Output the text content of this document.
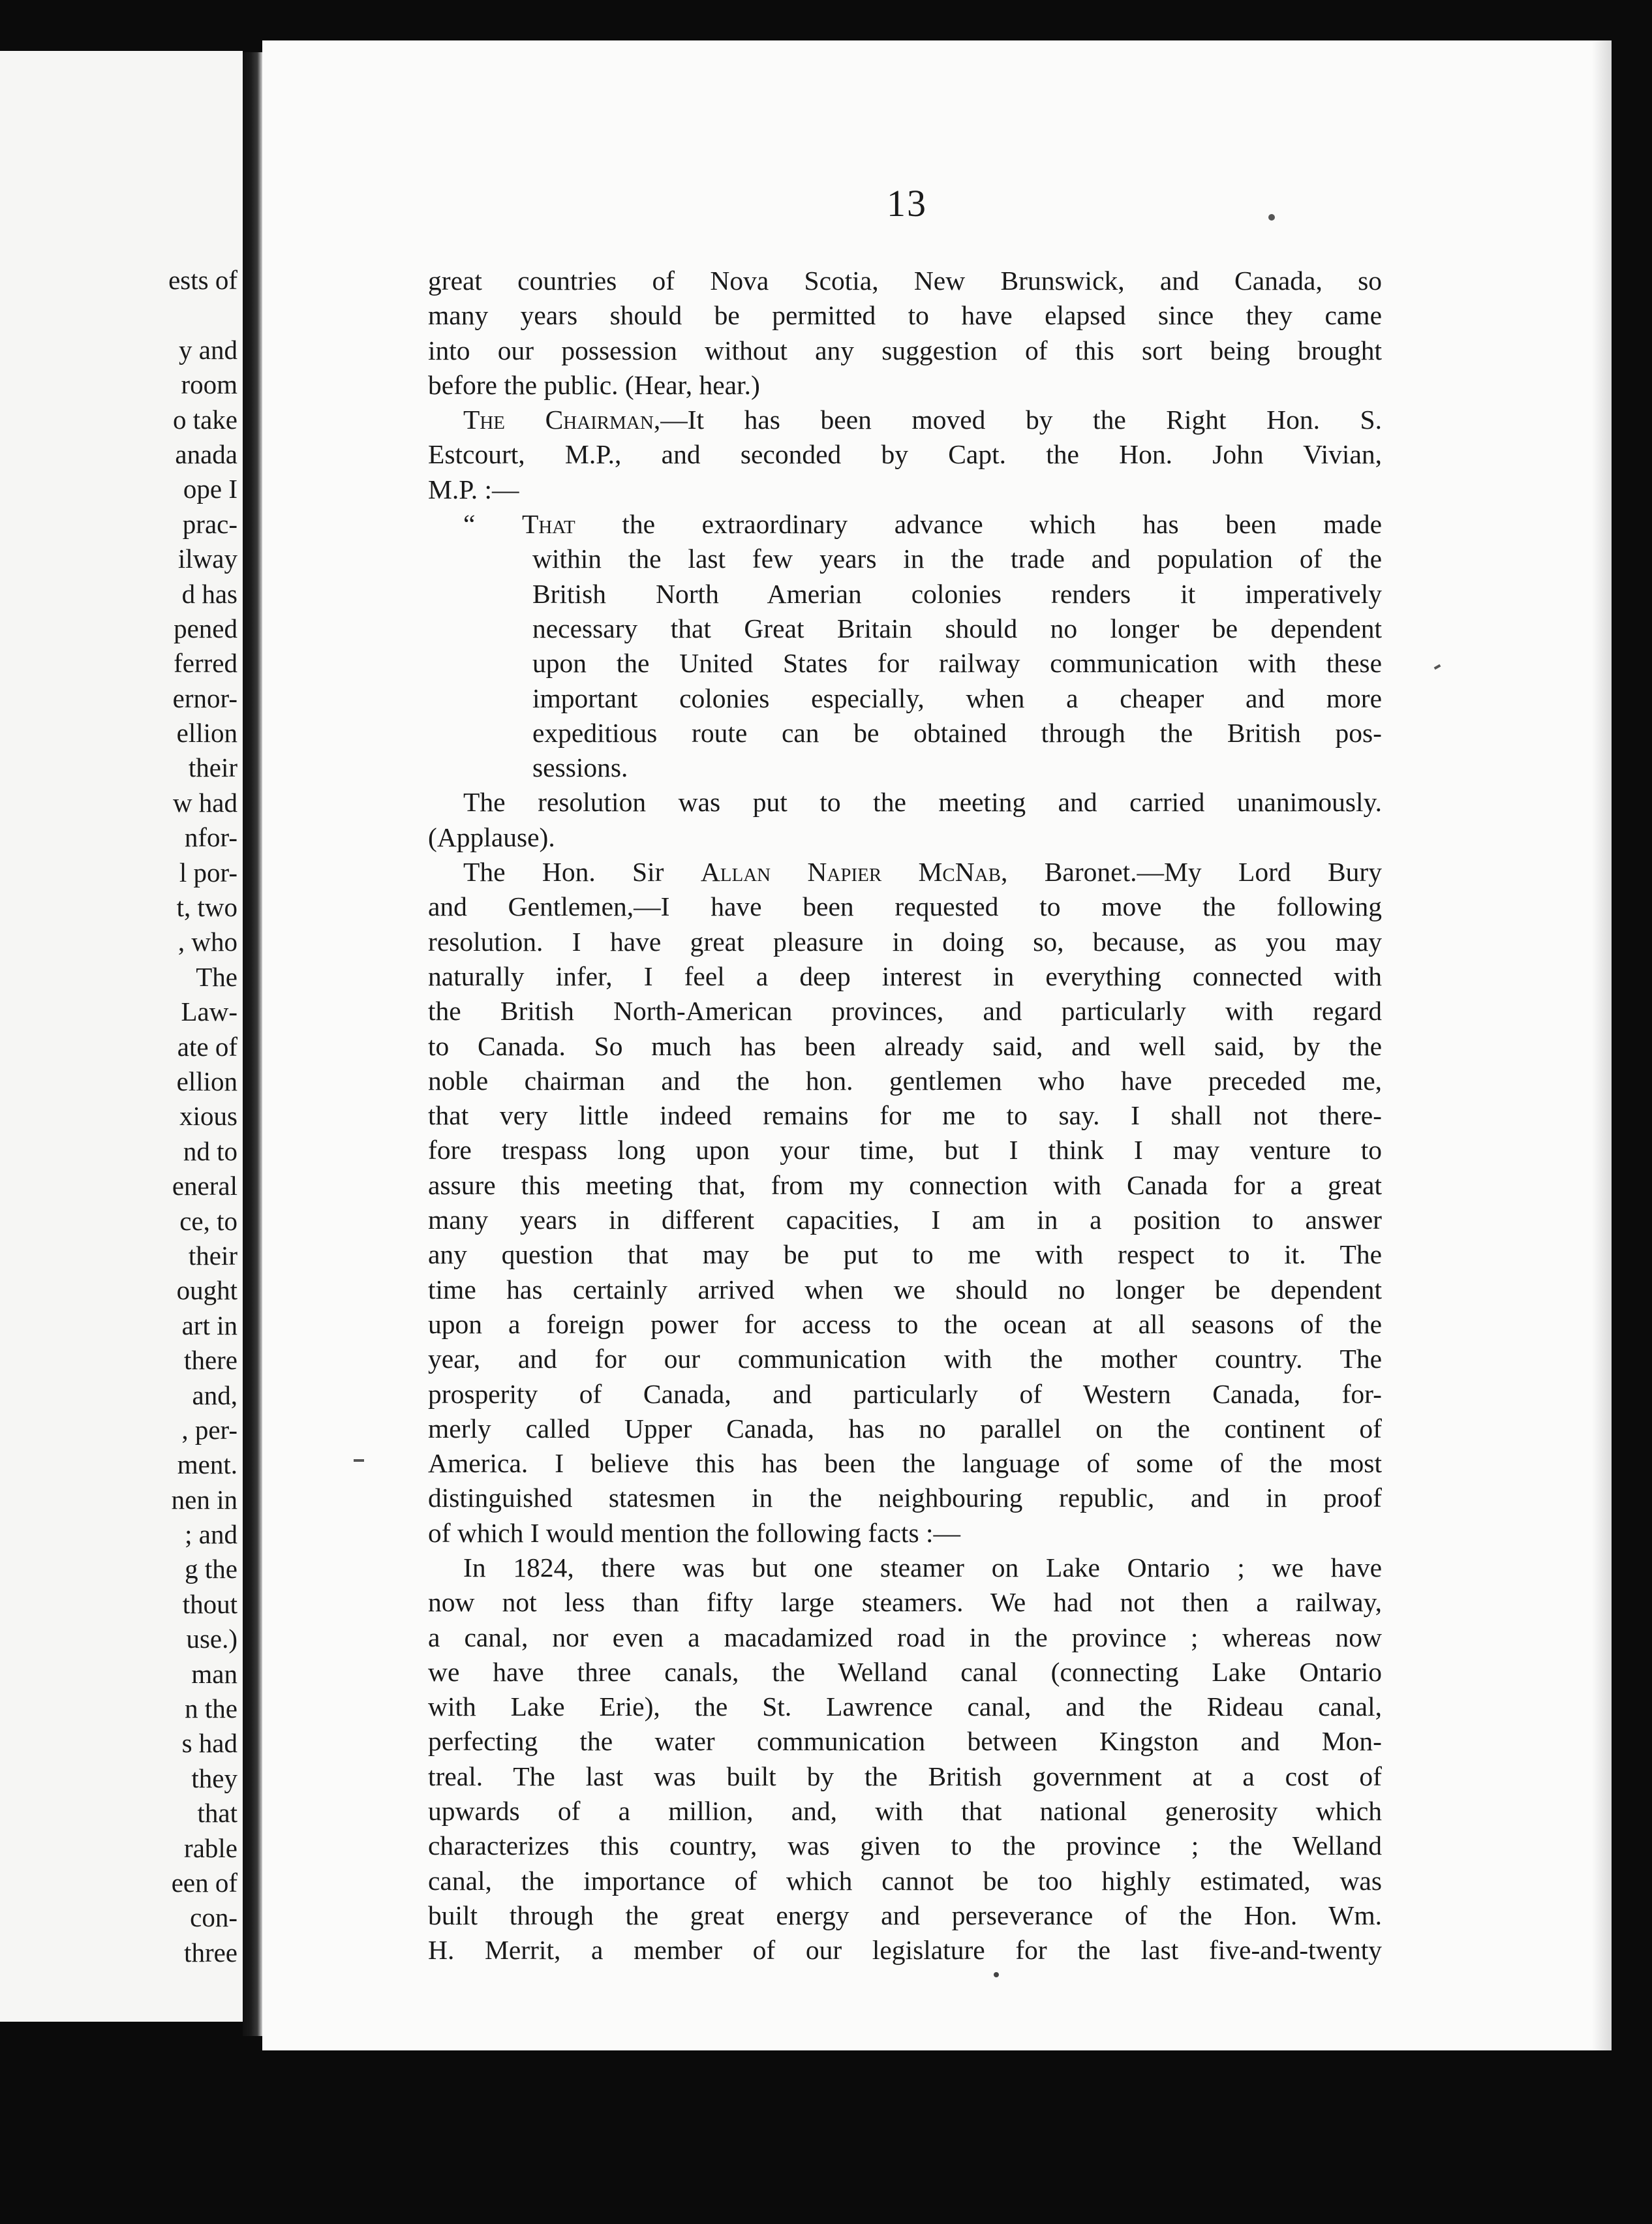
ests of
y and
room
o take
anada
ope I
prac-
ilway
d has
pened
ferred
ernor-
ellion
their
w had
nfor-
l por-
t, two
, who
The
Law-
ate of
ellion
xious
nd to
eneral
ce, to
their
ought
art in
there
and,
, per-
ment.
nen in
; and
g the
thout
use.)
man
n the
s had
they
that
rable
een of
con-
three
13
great countries of Nova Scotia, New Brunswick, and Canada, so
many years should be permitted to have elapsed since they came
into our possession without any suggestion of this sort being brought
before the public. (Hear, hear.)
The Chairman,—It has been moved by the Right Hon. S.
Estcourt, M.P., and seconded by Capt. the Hon. John Vivian,
M.P. :—
“ That the extraordinary advance which has been made
within the last few years in the trade and population of the
British North Amerian colonies renders it imperatively
necessary that Great Britain should no longer be dependent
upon the United States for railway communication with these
important colonies especially, when a cheaper and more
expeditious route can be obtained through the British pos-
sessions.
The resolution was put to the meeting and carried unanimously.
(Applause).
The Hon. Sir Allan Napier McNab, Baronet.—My Lord Bury
and Gentlemen,—I have been requested to move the following
resolution. I have great pleasure in doing so, because, as you may
naturally infer, I feel a deep interest in everything connected with
the British North-American provinces, and particularly with regard
to Canada. So much has been already said, and well said, by the
noble chairman and the hon. gentlemen who have preceded me,
that very little indeed remains for me to say. I shall not there-
fore trespass long upon your time, but I think I may venture to
assure this meeting that, from my connection with Canada for a great
many years in different capacities, I am in a position to answer
any question that may be put to me with respect to it. The
time has certainly arrived when we should no longer be dependent
upon a foreign power for access to the ocean at all seasons of the
year, and for our communication with the mother country. The
prosperity of Canada, and particularly of Western Canada, for-
merly called Upper Canada, has no parallel on the continent of
America. I believe this has been the language of some of the most
distinguished statesmen in the neighbouring republic, and in proof
of which I would mention the following facts :—
In 1824, there was but one steamer on Lake Ontario ; we have
now not less than fifty large steamers. We had not then a railway,
a canal, nor even a macadamized road in the province ; whereas now
we have three canals, the Welland canal (connecting Lake Ontario
with Lake Erie), the St. Lawrence canal, and the Rideau canal,
perfecting the water communication between Kingston and Mon-
treal. The last was built by the British government at a cost of
upwards of a million, and, with that national generosity which
characterizes this country, was given to the province ; the Welland
canal, the importance of which cannot be too highly estimated, was
built through the great energy and perseverance of the Hon. Wm.
H. Merrit, a member of our legislature for the last five-and-twenty
